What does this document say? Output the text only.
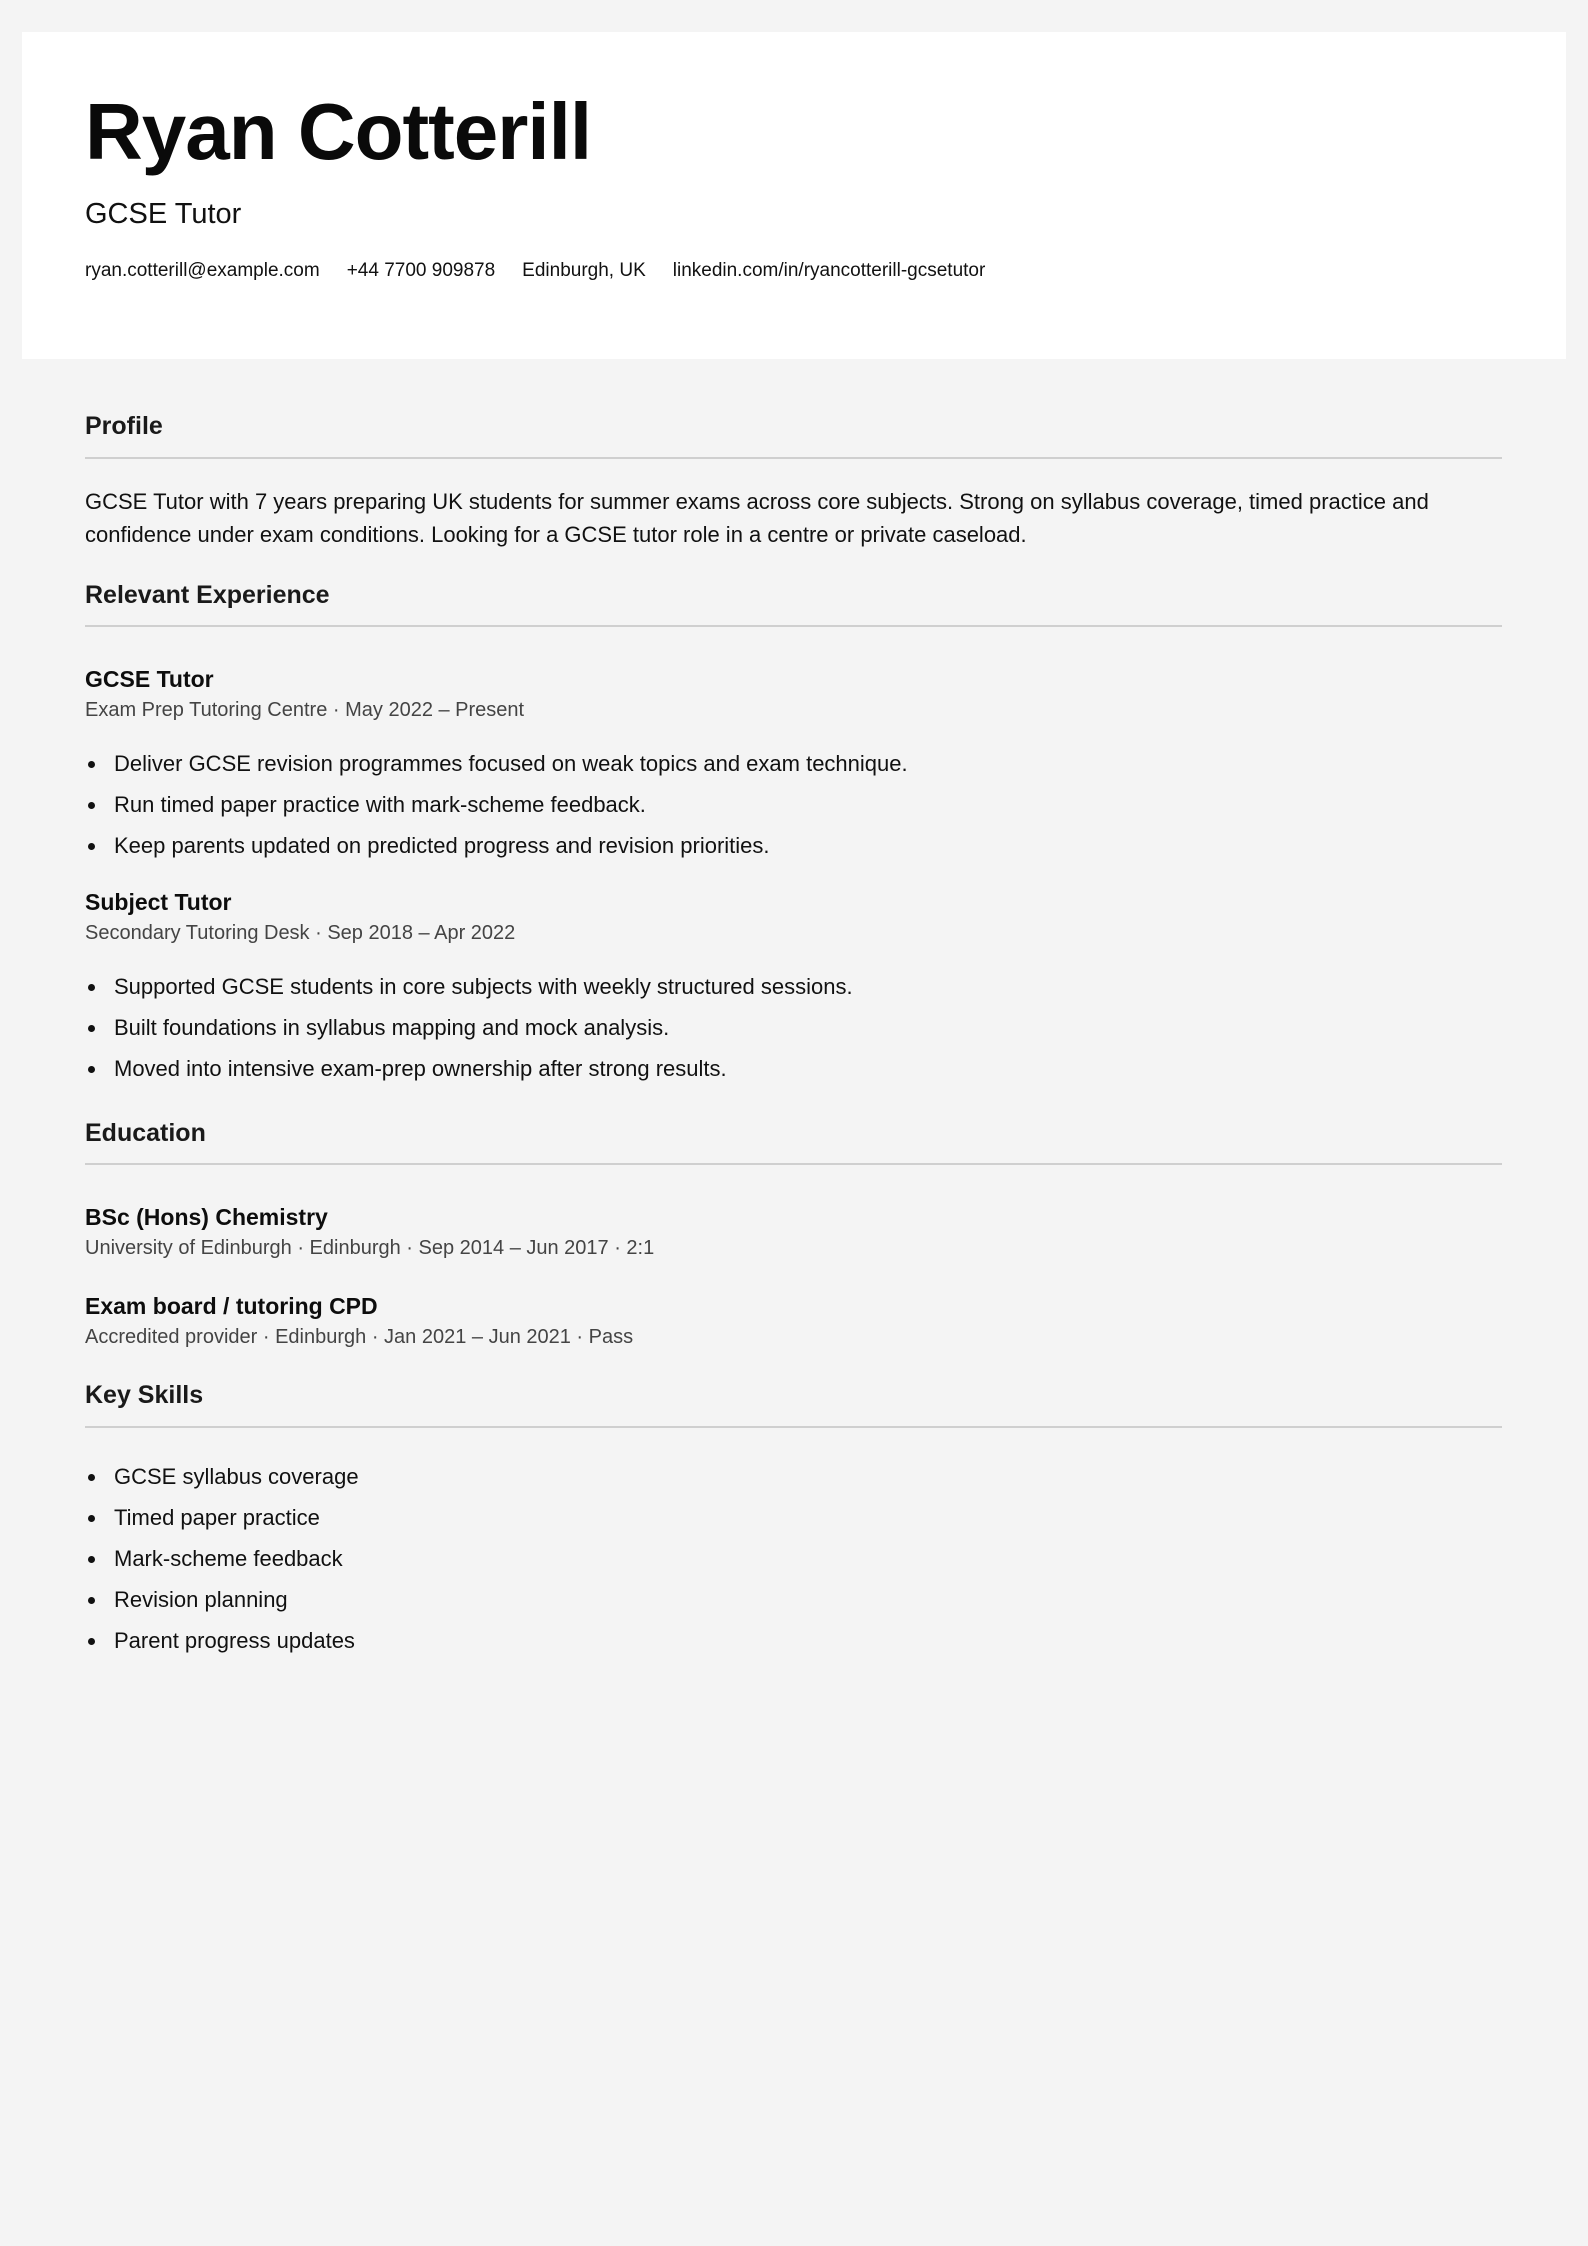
Ryan Cotterill
GCSE Tutor
ryan.cotterill@example.com +44 7700 909878 Edinburgh, UK linkedin.com/in/ryancotterill-gcsetutor
Profile

GCSE Tutor with 7 years preparing UK students for summer exams across core subjects. Strong on syllabus coverage, timed practice and confidence under exam conditions. Looking for a GCSE tutor role in a centre or private caseload.

Relevant Experience
GCSE Tutor
Exam Prep Tutoring Centre · May 2022 – Present
Deliver GCSE revision programmes focused on weak topics and exam technique.
Run timed paper practice with mark-scheme feedback.
Keep parents updated on predicted progress and revision priorities.
Subject Tutor
Secondary Tutoring Desk · Sep 2018 – Apr 2022
Supported GCSE students in core subjects with weekly structured sessions.
Built foundations in syllabus mapping and mock analysis.
Moved into intensive exam-prep ownership after strong results.
Education
BSc (Hons) Chemistry
University of Edinburgh · Edinburgh · Sep 2014 – Jun 2017 · 2:1
Exam board / tutoring CPD
Accredited provider · Edinburgh · Jan 2021 – Jun 2021 · Pass
Key Skills
GCSE syllabus coverage
Timed paper practice
Mark-scheme feedback
Revision planning
Parent progress updates
